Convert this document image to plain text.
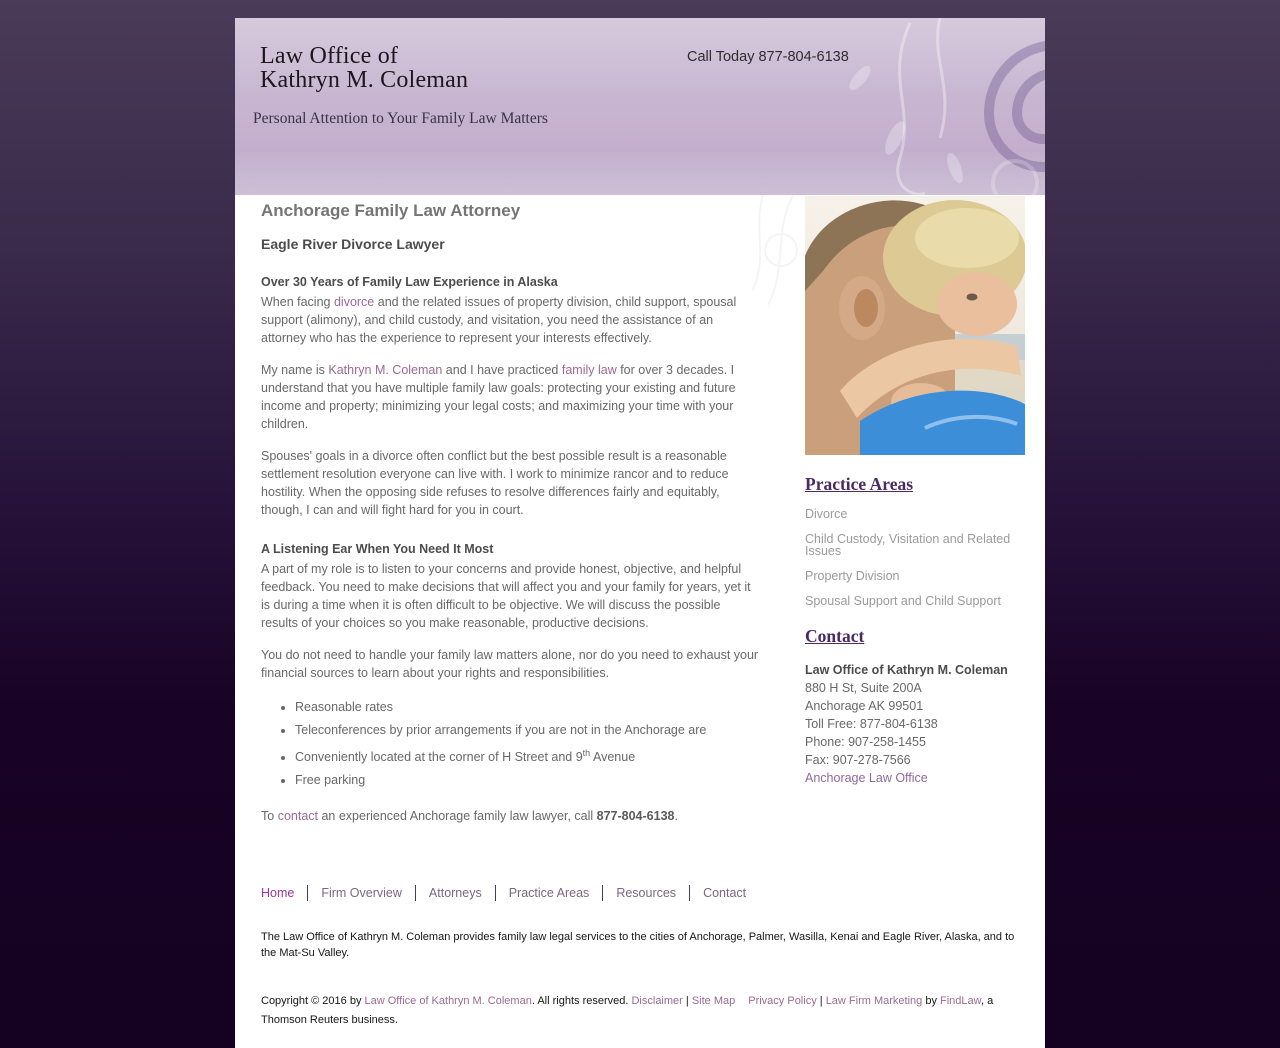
Law Office of
Kathryn M. Coleman
Call Today 877-804-6138
Personal Attention to Your Family Law Matters
Practice Areas
Divorce
Child Custody, Visitation and Related Issues
Property Division
Spousal Support and Child Support
Contact
Law Office of Kathryn M. Coleman
880 H St, Suite 200A
Anchorage AK 99501
Toll Free: 877-804-6138
Phone: 907-258-1455
Fax: 907-278-7566
Anchorage Law Office
Anchorage Family Law Attorney
Eagle River Divorce Lawyer
Over 30 Years of Family Law Experience in Alaska

When facing divorce and the related issues of property division, child support, spousal support (alimony), and child custody, and visitation, you need the assistance of an attorney who has the experience to represent your interests effectively.

My name is Kathryn M. Coleman and I have practiced family law for over 3 decades. I understand that you have multiple family law goals: protecting your existing and future income and property; minimizing your legal costs; and maximizing your time with your children.

Spouses' goals in a divorce often conflict but the best possible result is a reasonable settlement resolution everyone can live with. I work to minimize rancor and to reduce hostility. When the opposing side refuses to resolve differences fairly and equitably, though, I can and will fight hard for you in court.

A Listening Ear When You Need It Most

A part of my role is to listen to your concerns and provide honest, objective, and helpful feedback. You need to make decisions that will affect you and your family for years, yet it is during a time when it is often difficult to be objective. We will discuss the possible results of your choices so you make reasonable, productive decisions.

You do not need to handle your family law matters alone, nor do you need to exhaust your financial sources to learn about your rights and responsibilities.

• Reasonable rates
• Teleconferences by prior arrangements if you are not in the Anchorage are
• Conveniently located at the corner of H Street and 9th Avenue
• Free parking

To contact an experienced Anchorage family law lawyer, call 877-804-6138.

Home	Firm Overview	Attorneys	Practice Areas	Resources	Contact

The Law Office of Kathryn M. Coleman provides family law legal services to the cities of Anchorage, Palmer, Wasilla, Kenai and Eagle River, Alaska, and to the Mat-Su Valley.

Copyright © 2016 by Law Office of Kathryn M. Coleman. All rights reserved. Disclaimer | Site Map Privacy Policy | Law Firm Marketing by FindLaw, a Thomson Reuters business.
